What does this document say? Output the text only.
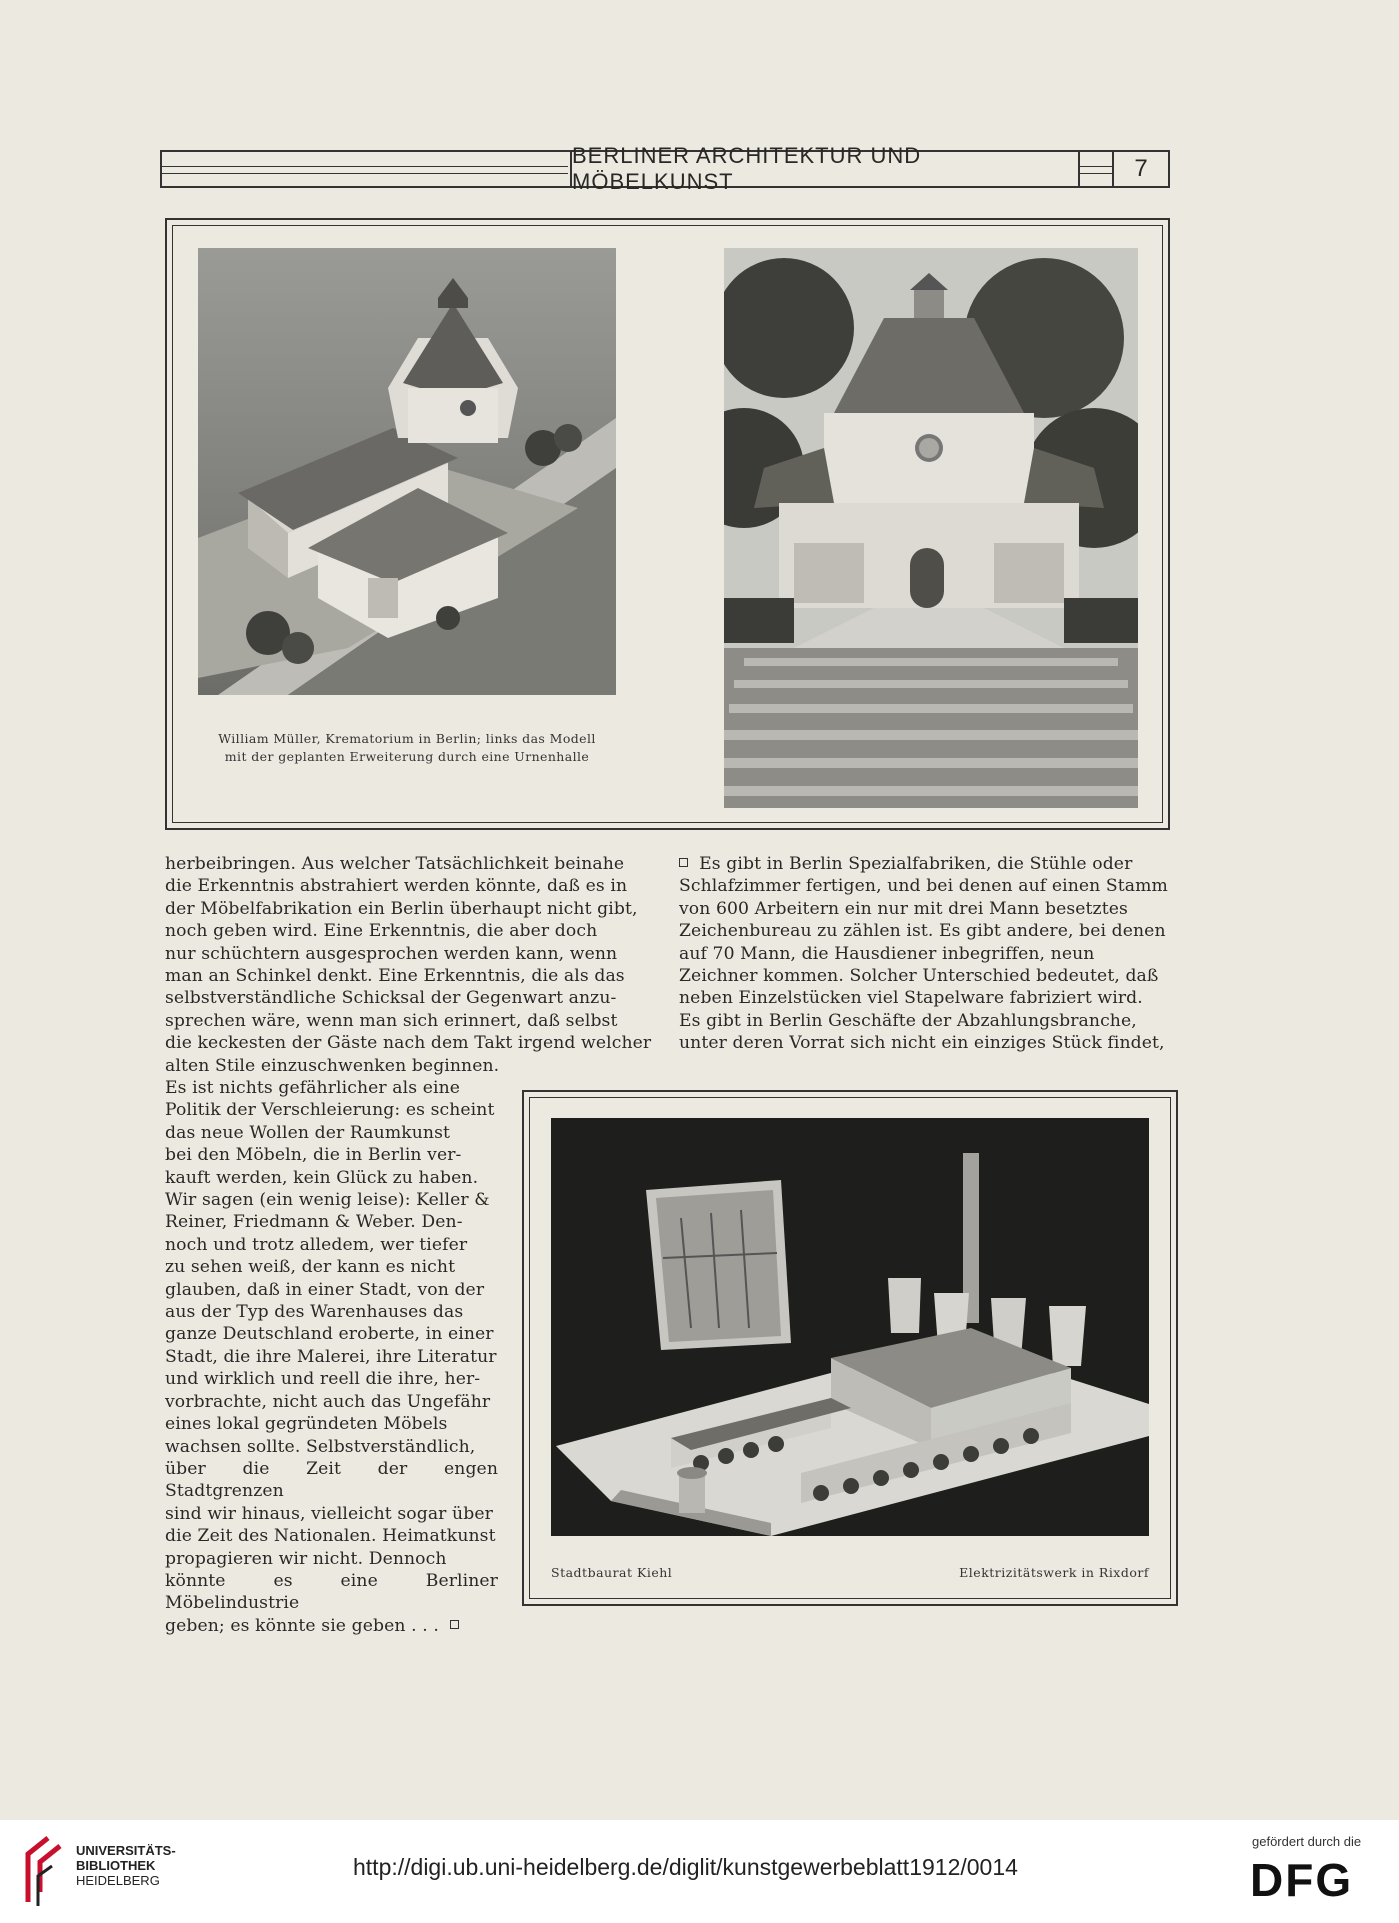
BERLINER ARCHITEKTUR UND MÖBELKUNST	7
William Müller, Krematorium in Berlin; links das Modell
mit der geplanten Erweiterung durch eine Urnenhalle

herbeibringen. Aus welcher Tatsächlichkeit beinahe

die Erkenntnis abstrahiert werden könnte, daß es in

der Möbelfabrikation ein Berlin überhaupt nicht gibt,

noch geben wird. Eine Erkenntnis, die aber doch

nur schüchtern ausgesprochen werden kann, wenn

man an Schinkel denkt. Eine Erkenntnis, die als das

selbstverständliche Schicksal der Gegenwart anzu-

sprechen wäre, wenn man sich erinnert, daß selbst

die keckesten der Gäste nach dem Takt irgend welcher

alten Stile einzuschwenken beginnen.

Es ist nichts gefährlicher als eine

Politik der Verschleierung: es scheint

das neue Wollen der Raumkunst

bei den Möbeln, die in Berlin ver-

kauft werden, kein Glück zu haben.

Wir sagen (ein wenig leise): Keller &

Reiner, Friedmann & Weber. Den-

noch und trotz alledem, wer tiefer

zu sehen weiß, der kann es nicht

glauben, daß in einer Stadt, von der

aus der Typ des Warenhauses das

ganze Deutschland eroberte, in einer

Stadt, die ihre Malerei, ihre Literatur

und wirklich und reell die ihre, her-

vorbrachte, nicht auch das Ungefähr

eines lokal gegründeten Möbels

wachsen sollte. Selbstverständlich,

über die Zeit der engen Stadtgrenzen

sind wir hinaus, vielleicht sogar über

die Zeit des Nationalen. Heimatkunst

propagieren wir nicht. Dennoch

könnte es eine Berliner Möbelindustrie

geben; es könnte sie geben . . .

Es gibt in Berlin Spezialfabriken, die Stühle oder

Schlafzimmer fertigen, und bei denen auf einen Stamm

von 600 Arbeitern ein nur mit drei Mann besetztes

Zeichenbureau zu zählen ist. Es gibt andere, bei denen

auf 70 Mann, die Hausdiener inbegriffen, neun

Zeichner kommen. Solcher Unterschied bedeutet, daß

neben Einzelstücken viel Stapelware fabriziert wird.

Es gibt in Berlin Geschäfte der Abzahlungsbranche,

unter deren Vorrat sich nicht ein einziges Stück findet,

Stadtbaurat Kiehl	Elektrizitätswerk in Rixdorf
UNIVERSITÄTS-
BIBLIOTHEK
HEIDELBERG
http://digi.ub.uni-heidelberg.de/diglit/kunstgewerbeblatt1912/0014
gefördert durch die
DFG
